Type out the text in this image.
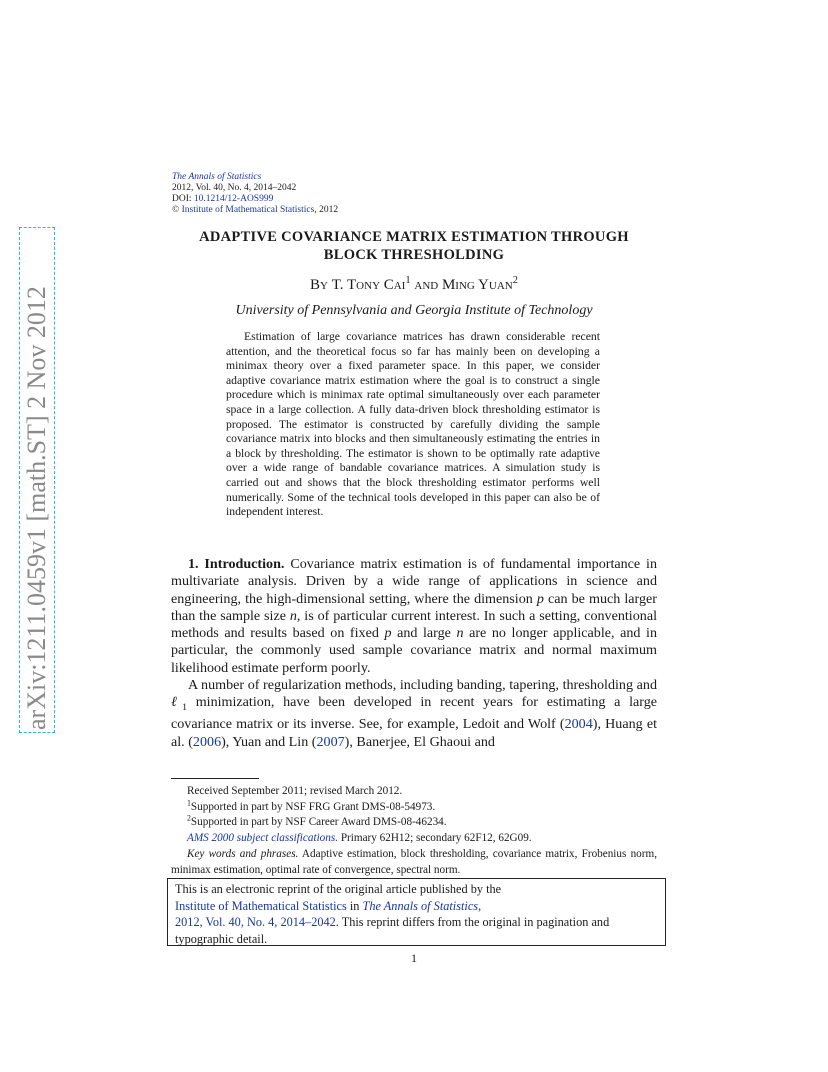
arXiv:1211.0459v1 [math.ST] 2 Nov 2012
The Annals of Statistics
2012, Vol. 40, No. 4, 2014–2042
DOI: 10.1214/12-AOS999
© Institute of Mathematical Statistics, 2012
ADAPTIVE COVARIANCE MATRIX ESTIMATION THROUGH
BLOCK THRESHOLDING
By T. Tony Cai$^1$ and Ming Yuan$^2$
University of Pennsylvania and Georgia Institute of Technology
Estimation of large covariance matrices has drawn considerable recent attention, and the theoretical focus so far has mainly been on developing a minimax theory over a fixed parameter space. In this paper, we consider adaptive covariance matrix estimation where the goal is to construct a single procedure which is minimax rate optimal simultaneously over each parameter space in a large collection. A fully data-driven block thresholding estimator is proposed. The estimator is constructed by carefully dividing the sample covariance matrix into blocks and then simultaneously estimating the entries in a block by thresholding. The estimator is shown to be optimally rate adaptive over a wide range of bandable covariance matrices. A simulation study is carried out and shows that the block thresholding estimator performs well numerically. Some of the technical tools developed in this paper can also be of independent interest.

1. Introduction. Covariance matrix estimation is of fundamental importance in multivariate analysis. Driven by a wide range of applications in science and engineering, the high-dimensional setting, where the dimension p can be much larger than the sample size n, is of particular current interest. In such a setting, conventional methods and results based on fixed p and large n are no longer applicable, and in particular, the commonly used sample covariance matrix and normal maximum likelihood estimate perform poorly.

A number of regularization methods, including banding, tapering, thresholding and ℓ$_1$ minimization, have been developed in recent years for estimating a large covariance matrix or its inverse. See, for example, Ledoit and Wolf (2004), Huang et al. (2006), Yuan and Lin (2007), Banerjee, El Ghaoui and

Received September 2011; revised March 2012.

$^1$Supported in part by NSF FRG Grant DMS-08-54973.

$^2$Supported in part by NSF Career Award DMS-08-46234.

AMS 2000 subject classifications. Primary 62H12; secondary 62F12, 62G09.

Key words and phrases. Adaptive estimation, block thresholding, covariance matrix, Frobenius norm, minimax estimation, optimal rate of convergence, spectral norm.

This is an electronic reprint of the original article published by the
Institute of Mathematical Statistics in The Annals of Statistics,
2012, Vol. 40, No. 4, 2014–2042. This reprint differs from the original in pagination and typographic detail.
1
